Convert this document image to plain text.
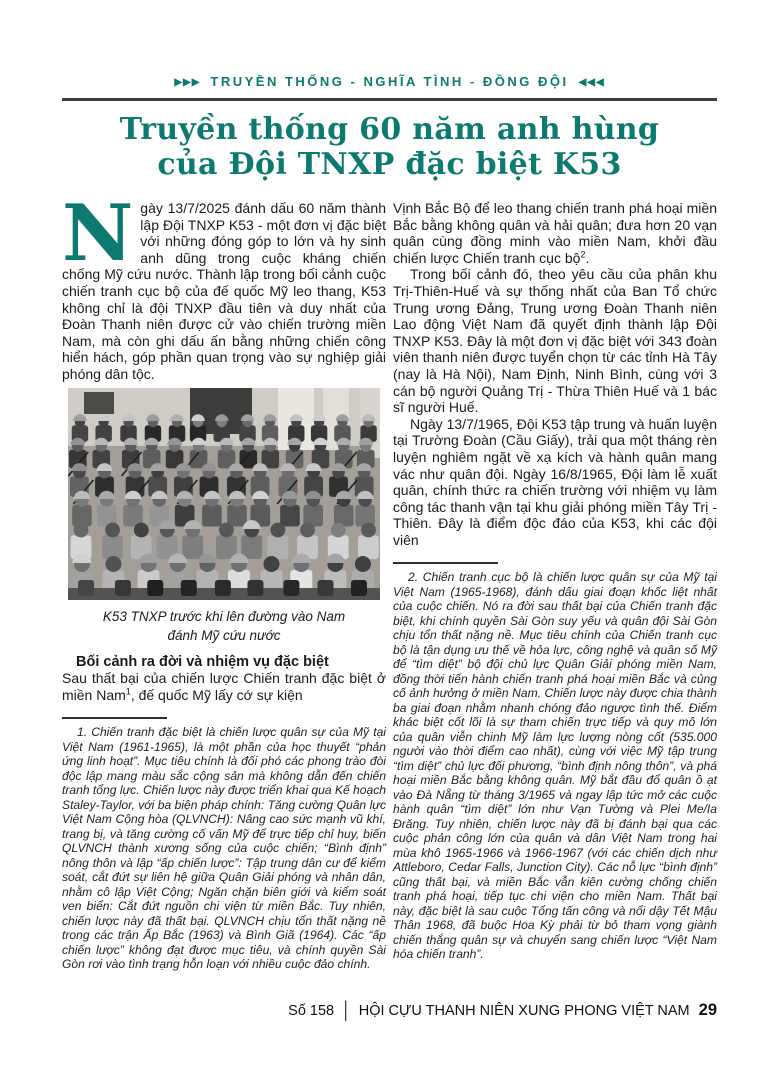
▶▶▶ TRUYỀN THỐNG - NGHĨA TÌNH - ĐỒNG ĐỘI ◀◀◀
Truyền thống 60 năm anh hùng
của Đội TNXP đặc biệt K53

Ngày 13/7/2025 đánh dấu 60 năm thành lập Đội TNXP K53 - một đơn vị đặc biệt với những đóng góp to lớn và hy sinh anh dũng trong cuộc kháng chiến chống Mỹ cứu nước. Thành lập trong bối cảnh cuộc chiến tranh cục bộ của đế quốc Mỹ leo thang, K53 không chỉ là đội TNXP đầu tiên và duy nhất của Đoàn Thanh niên được cử vào chiến trường miền Nam, mà còn ghi dấu ấn bằng những chiến công hiển hách, góp phần quan trọng vào sự nghiệp giải phóng dân tộc.

K53 TNXP trước khi lên đường vào Nam
đánh Mỹ cứu nước

Bối cảnh ra đời và nhiệm vụ đặc biệt

Sau thất bại của chiến lược Chiến tranh đặc biệt ở miền Nam$^1$, đế quốc Mỹ lấy cớ sự kiện

1. Chiến tranh đặc biệt là chiến lược quân sự của Mỹ tại Việt Nam (1961-1965), là một phần của học thuyết “phản ứng linh hoạt”. Mục tiêu chính là đối phó các phong trào đòi độc lập mang màu sắc cộng sản mà không dẫn đến chiến tranh tổng lực. Chiến lược này được triển khai qua Kế hoạch Staley-Taylor, với ba biện pháp chính: Tăng cường Quân lực Việt Nam Cộng hòa (QLVNCH): Nâng cao sức mạnh vũ khí, trang bị, và tăng cường cố vấn Mỹ để trực tiếp chỉ huy, biến QLVNCH thành xương sống của cuộc chiến; “Bình định” nông thôn và lập “ấp chiến lược”: Tập trung dân cư để kiểm soát, cắt đứt sự liên hệ giữa Quân Giải phóng và nhân dân, nhằm cô lập Việt Cộng; Ngăn chặn biên giới và kiểm soát ven biển: Cắt đứt nguồn chi viện từ miền Bắc. Tuy nhiên, chiến lược này đã thất bại. QLVNCH chịu tổn thất nặng nề trong các trận Ấp Bắc (1963) và Bình Giã (1964). Các “ấp chiến lược” không đạt được mục tiêu, và chính quyền Sài Gòn rơi vào tình trạng hỗn loạn với nhiều cuộc đảo chính.

Vịnh Bắc Bộ để leo thang chiến tranh phá hoại miền Bắc bằng không quân và hải quân; đưa hơn 20 vạn quân cùng đồng minh vào miền Nam, khởi đầu chiến lược Chiến tranh cục bộ$^2$.

Trong bối cảnh đó, theo yêu cầu của phân khu Trị-Thiên-Huế và sự thống nhất của Ban Tổ chức Trung ương Đảng, Trung ương Đoàn Thanh niên Lao động Việt Nam đã quyết định thành lập Đội TNXP K53. Đây là một đơn vị đặc biệt với 343 đoàn viên thanh niên được tuyển chọn từ các tỉnh Hà Tây (nay là Hà Nội), Nam Định, Ninh Bình, cùng với 3 cán bộ người Quảng Trị - Thừa Thiên Huế và 1 bác sĩ người Huế.

Ngày 13/7/1965, Đội K53 tập trung và huấn luyện tại Trường Đoàn (Cầu Giấy), trải qua một tháng rèn luyện nghiêm ngặt về xạ kích và hành quân mang vác như quân đội. Ngày 16/8/1965, Đội làm lễ xuất quân, chính thức ra chiến trường với nhiệm vụ làm công tác thanh vận tại khu giải phóng miền Tây Trị - Thiên. Đây là điểm độc đáo của K53, khi các đội viên

2. Chiến tranh cục bộ là chiến lược quân sự của Mỹ tại Việt Nam (1965-1968), đánh dấu giai đoạn khốc liệt nhất của cuộc chiến. Nó ra đời sau thất bại của Chiến tranh đặc biệt, khi chính quyền Sài Gòn suy yếu và quân đội Sài Gòn chịu tổn thất nặng nề. Mục tiêu chính của Chiến tranh cục bộ là tận dụng ưu thế về hỏa lực, công nghệ và quân số Mỹ để “tìm diệt” bộ đội chủ lực Quân Giải phóng miền Nam, đồng thời tiến hành chiến tranh phá hoại miền Bắc và củng cố ảnh hưởng ở miền Nam. Chiến lược này được chia thành ba giai đoạn nhằm nhanh chóng đảo ngược tình thế. Điểm khác biệt cốt lõi là sự tham chiến trực tiếp và quy mô lớn của quân viễn chinh Mỹ làm lực lượng nòng cốt (535.000 người vào thời điểm cao nhất), cùng với việc Mỹ tập trung “tìm diệt” chủ lực đối phương, “bình định nông thôn”, và phá hoại miền Bắc bằng không quân. Mỹ bắt đầu đổ quân ồ ạt vào Đà Nẵng từ tháng 3/1965 và ngay lập tức mở các cuộc hành quân “tìm diệt” lớn như Vạn Tường và Plei Me/Ia Đrăng. Tuy nhiên, chiến lược này đã bị đánh bại qua các cuộc phản công lớn của quân và dân Việt Nam trong hai mùa khô 1965-1966 và 1966-1967 (với các chiến dịch như Attleboro, Cedar Falls, Junction City). Các nỗ lực “bình định” cũng thất bại, và miền Bắc vẫn kiên cường chống chiến tranh phá hoại, tiếp tục chi viện cho miền Nam. Thất bại này, đặc biệt là sau cuộc Tổng tấn công và nổi dậy Tết Mậu Thân 1968, đã buộc Hoa Kỳ phải từ bỏ tham vọng giành chiến thắng quân sự và chuyển sang chiến lược “Việt Nam hóa chiến tranh”.

Số 158 │ HỘI CỰU THANH NIÊN XUNG PHONG VIỆT NAM 29
